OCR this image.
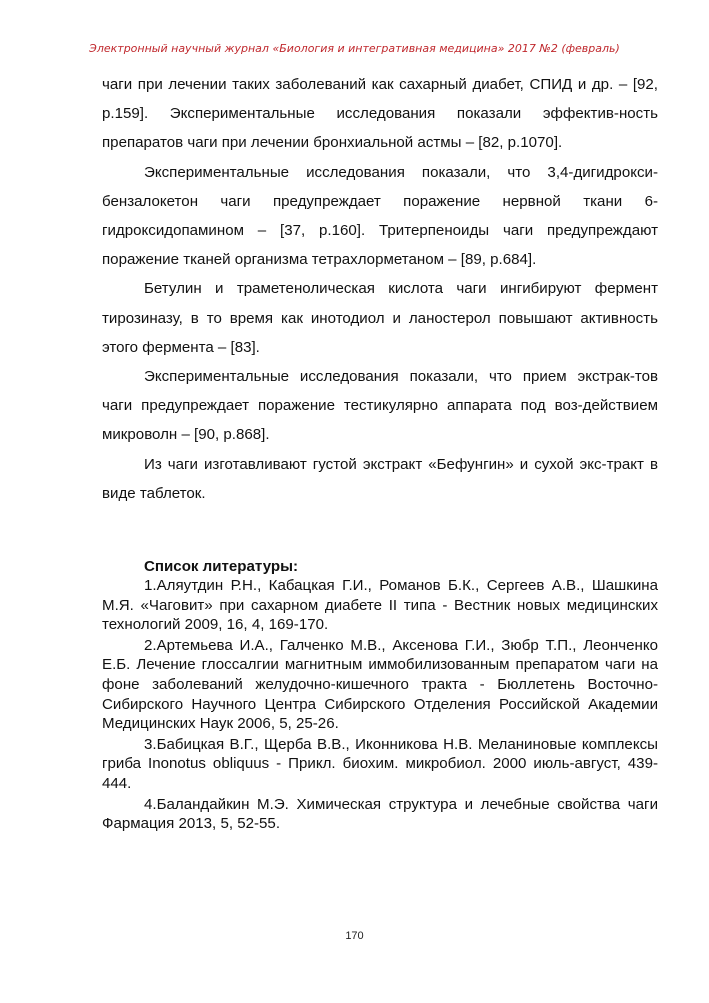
Электронный научный журнал «Биология и интегративная медицина» 2017 №2 (февраль)

чаги при лечении таких заболеваний как сахарный диабет, СПИД и др. – [92, р.159]. Экспериментальные исследования показали эффектив-ность препаратов чаги при лечении бронхиальной астмы – [82, р.1070].

Экспериментальные исследования показали, что 3,4-дигидрокси-бензалокетон чаги предупреждает поражение нервной ткани 6-гидроксидопамином – [37, р.160]. Тритерпеноиды чаги предупреждают поражение тканей организма тетрахлорметаном – [89, р.684].

Бетулин и траметенолическая кислота чаги ингибируют фермент тирозиназу, в то время как инотодиол и ланостерол повышают активность этого фермента – [83].

Экспериментальные исследования показали, что прием экстрак-тов чаги предупреждает поражение тестикулярно аппарата под воз-действием микроволн – [90, р.868].

Из чаги изготавливают густой экстракт «Бефунгин» и сухой экс-тракт в виде таблеток.

Список литературы:

1.Аляутдин Р.Н., Кабацкая Г.И., Романов Б.К., Сергеев А.В., Шашкина М.Я. «Чаговит» при сахарном диабете II типа - Вестник новых медицинских технологий 2009, 16, 4, 169-170.

2.Артемьева И.А., Галченко М.В., Аксенова Г.И., Зюбр Т.П., Леонченко Е.Б. Лечение глоссалгии магнитным иммобилизованным препаратом чаги на фоне заболеваний желудочно-кишечного тракта - Бюллетень Восточно-Сибирского Научного Центра Сибирского Отделения Российской Академии Медицинских Наук 2006, 5, 25-26.

3.Бабицкая В.Г., Щерба В.В., Иконникова Н.В. Меланиновые комплексы гриба Inonotus obliquus - Прикл. биохим. микробиол. 2000 июль-август, 439-444.

4.Баландайкин М.Э. Химическая структура и лечебные свойства чаги Фармация 2013, 5, 52-55.

170
